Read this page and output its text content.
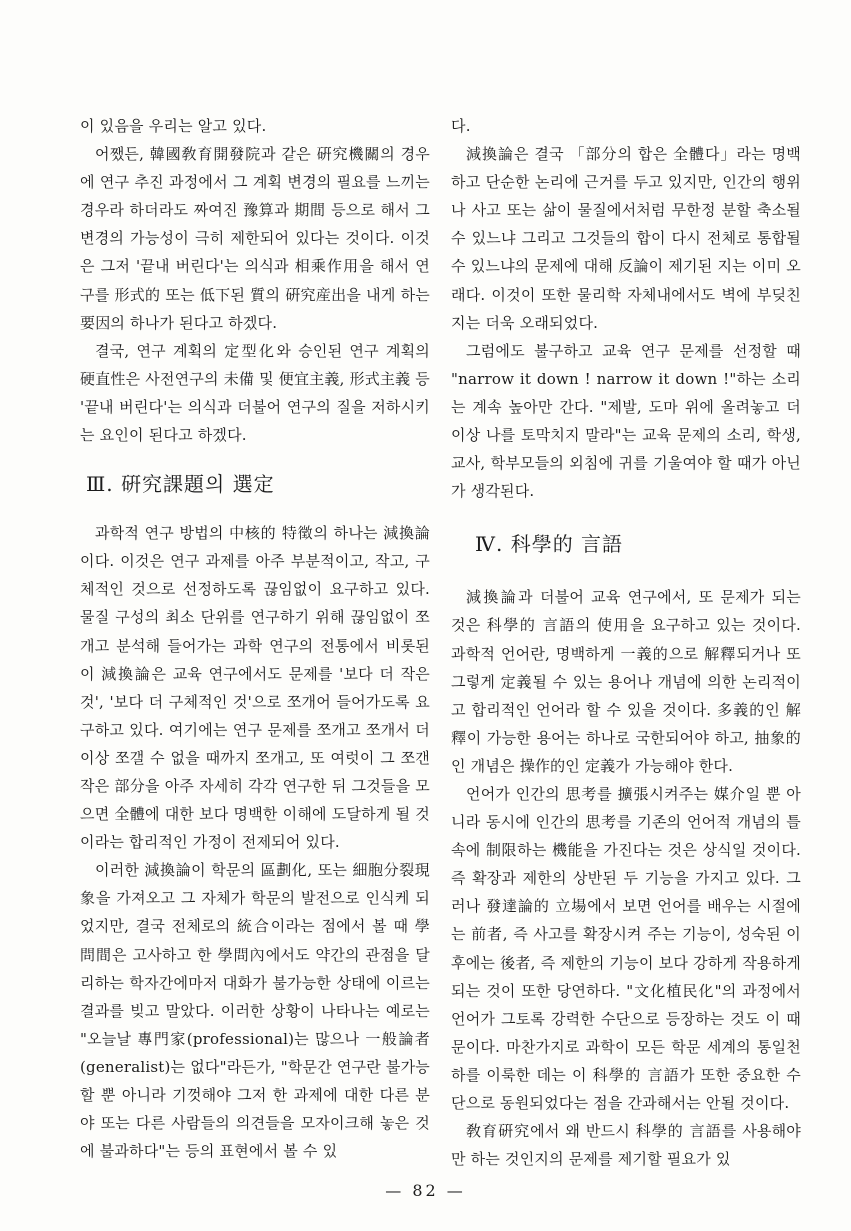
이 있음을 우리는 알고 있다.

어쨌든, 韓國敎育開發院과 같은 硏究機關의 경우에 연구 추진 과정에서 그 계획 변경의 필요를 느끼는 경우라 하더라도 짜여진 豫算과 期間 등으로 해서 그 변경의 가능성이 극히 제한되어 있다는 것이다. 이것은 그저 '끝내 버린다'는 의식과 相乘作用을 해서 연구를 形式的 또는 低下된 質의 硏究産出을 내게 하는 要因의 하나가 된다고 하겠다.

결국, 연구 계획의 定型化와 승인된 연구 계획의 硬直性은 사전연구의 未備 및 便宜主義, 形式主義 등 '끝내 버린다'는 의식과 더불어 연구의 질을 저하시키는 요인이 된다고 하겠다.

Ⅲ. 硏究課題의 選定

과학적 연구 방법의 中核的 特徵의 하나는 減換論이다. 이것은 연구 과제를 아주 부분적이고, 작고, 구체적인 것으로 선정하도록 끊임없이 요구하고 있다. 물질 구성의 최소 단위를 연구하기 위해 끊임없이 쪼개고 분석해 들어가는 과학 연구의 전통에서 비롯된 이 減換論은 교육 연구에서도 문제를 '보다 더 작은 것', '보다 더 구체적인 것'으로 쪼개어 들어가도록 요구하고 있다. 여기에는 연구 문제를 쪼개고 쪼개서 더 이상 쪼갤 수 없을 때까지 쪼개고, 또 여럿이 그 쪼갠 작은 部分을 아주 자세히 각각 연구한 뒤 그것들을 모으면 全體에 대한 보다 명백한 이해에 도달하게 될 것이라는 합리적인 가정이 전제되어 있다.

이러한 減換論이 학문의 區劃化, 또는 細胞分裂現象을 가져오고 그 자체가 학문의 발전으로 인식케 되었지만, 결국 전체로의 統合이라는 점에서 볼 때 學問間은 고사하고 한 學問內에서도 약간의 관점을 달리하는 학자간에마저 대화가 불가능한 상태에 이르는 결과를 빚고 말았다. 이러한 상황이 나타나는 예로는 "오늘날 專門家(professional)는 많으나 一般論者(generalist)는 없다"라든가, "학문간 연구란 불가능할 뿐 아니라 기껏해야 그저 한 과제에 대한 다른 분야 또는 다른 사람들의 의견들을 모자이크해 놓은 것에 불과하다"는 등의 표현에서 볼 수 있

다.

減換論은 결국 「部分의 합은 全體다」라는 명백하고 단순한 논리에 근거를 두고 있지만, 인간의 행위나 사고 또는 삶이 물질에서처럼 무한정 분할 축소될 수 있느냐 그리고 그것들의 합이 다시 전체로 통합될 수 있느냐의 문제에 대해 反論이 제기된 지는 이미 오래다. 이것이 또한 물리학 자체내에서도 벽에 부딪친 지는 더욱 오래되었다.

그럼에도 불구하고 교육 연구 문제를 선정할 때 "narrow it down ! narrow it down !"하는 소리는 계속 높아만 간다. "제발, 도마 위에 올려놓고 더 이상 나를 토막치지 말라"는 교육 문제의 소리, 학생, 교사, 학부모들의 외침에 귀를 기울여야 할 때가 아닌가 생각된다.

Ⅳ. 科學的 言語

減換論과 더불어 교육 연구에서, 또 문제가 되는 것은 科學的 言語의 使用을 요구하고 있는 것이다. 과학적 언어란, 명백하게 一義的으로 解釋되거나 또 그렇게 定義될 수 있는 용어나 개념에 의한 논리적이고 합리적인 언어라 할 수 있을 것이다. 多義的인 解釋이 가능한 용어는 하나로 국한되어야 하고, 抽象的인 개념은 操作的인 定義가 가능해야 한다.

언어가 인간의 思考를 擴張시켜주는 媒介일 뿐 아니라 동시에 인간의 思考를 기존의 언어적 개념의 틀 속에 制限하는 機能을 가진다는 것은 상식일 것이다. 즉 확장과 제한의 상반된 두 기능을 가지고 있다. 그러나 發達論的 立場에서 보면 언어를 배우는 시절에는 前者, 즉 사고를 확장시켜 주는 기능이, 성숙된 이후에는 後者, 즉 제한의 기능이 보다 강하게 작용하게 되는 것이 또한 당연하다. "文化植民化"의 과정에서 언어가 그토록 강력한 수단으로 등장하는 것도 이 때문이다. 마찬가지로 과학이 모든 학문 세계의 통일천하를 이룩한 데는 이 科學的 言語가 또한 중요한 수단으로 동원되었다는 점을 간과해서는 안될 것이다.

敎育硏究에서 왜 반드시 科學的 言語를 사용해야만 하는 것인지의 문제를 제기할 필요가 있

— 82 —
